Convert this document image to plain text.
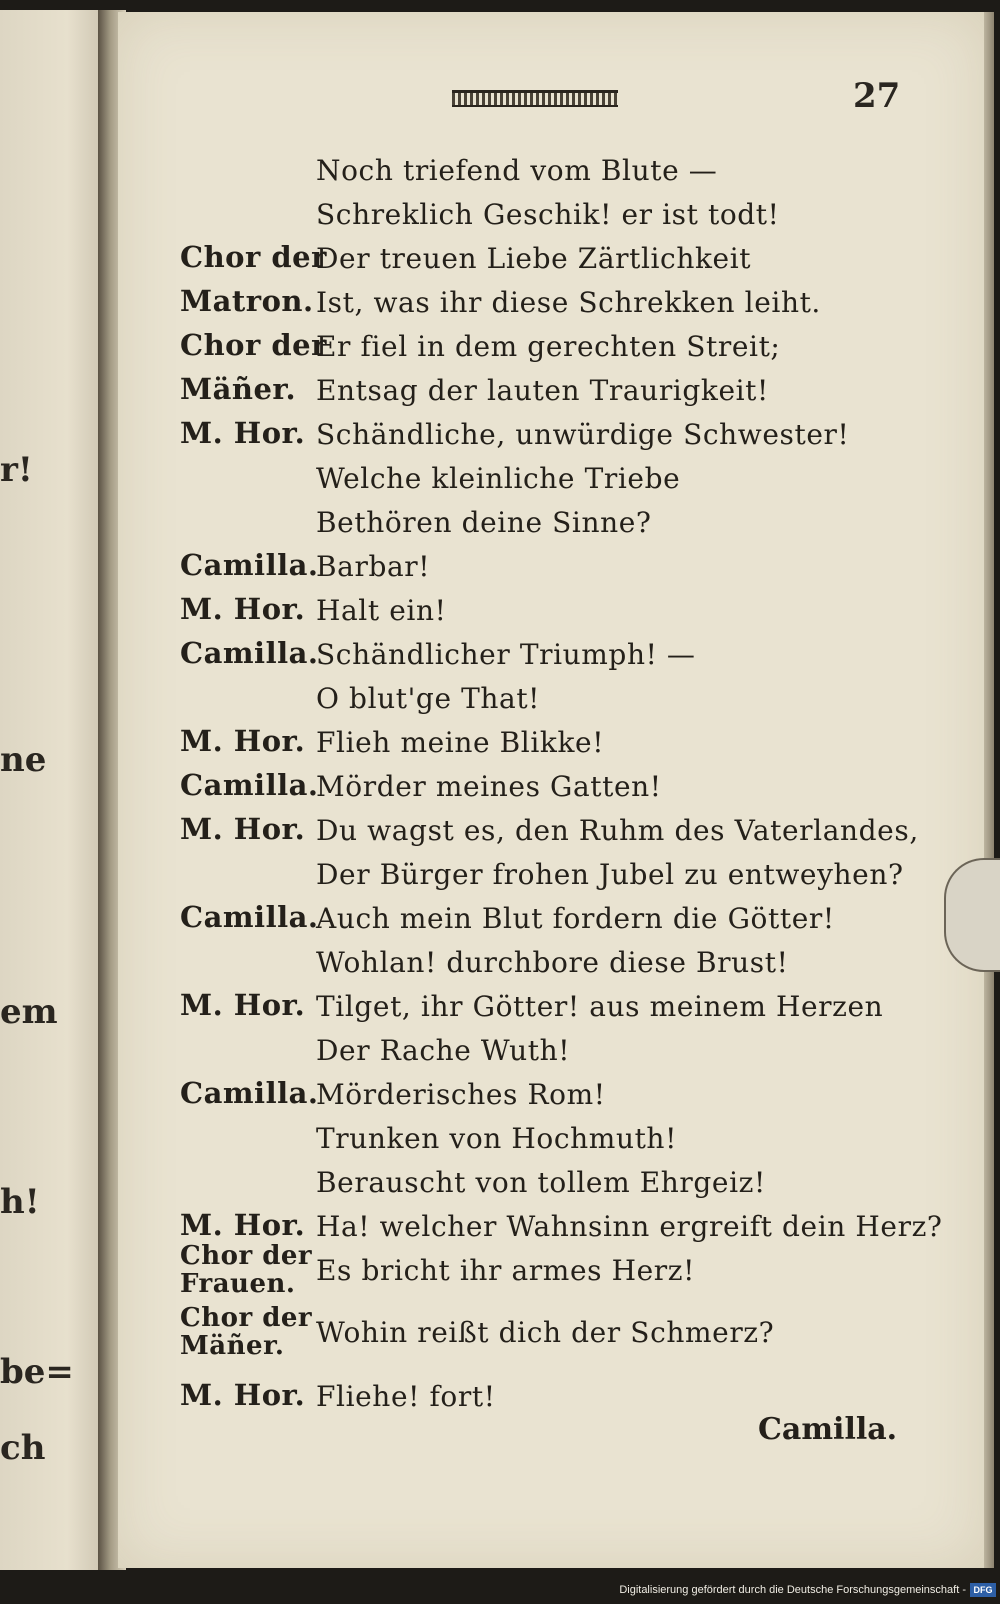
r!
ne
em
h!
be=
ch
27
Noch triefend vom Blute —
Schreklich Geschik! er ist todt!
Chor der
Der treuen Liebe Zärtlichkeit
Matron. Ist, was ihr diese Schrekken leiht.
Chor der
Er fiel in dem gerechten Streit;
Mäñer. Entsag der lauten Traurigkeit!
M. Hor. Schändliche, unwürdige Schwester!
Welche kleinliche Triebe
Bethören deine Sinne?
Camilla.
Barbar!
M. Hor. Halt ein!
Camilla.
Schändlicher Triumph! —
O blut'ge That!
M. Hor. Flieh meine Blikke!
Camilla.
Mörder meines Gatten!
M. Hor. Du wagst es, den Ruhm des Vaterlandes,
Der Bürger frohen Jubel zu entweyhen?
Camilla.
Auch mein Blut fordern die Götter!
Wohlan! durchbore diese Brust!
M. Hor. Tilget, ihr Götter! aus meinem Herzen
Der Rache Wuth!
Camilla.
Mörderisches Rom!
Trunken von Hochmuth!
Berauscht von tollem Ehrgeiz!
M. Hor. Ha! welcher Wahnsinn ergreift dein Herz?
Chor der
Frauen. Es bricht ihr armes Herz!
Chor der
Mäñer.	Wohin reißt dich der Schmerz?
M. Hor. Fliehe! fort!
Camilla.
Digitalisierung gefördert durch die Deutsche Forschungsgemeinschaft - DFG
